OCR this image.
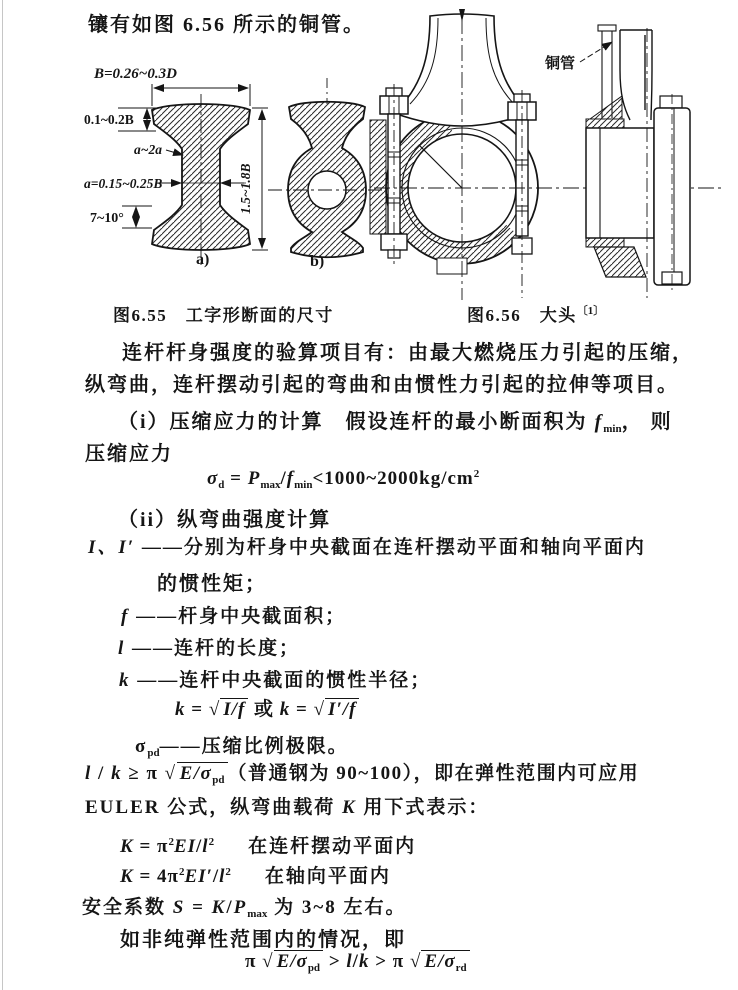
镶有如图 6.56 所示的铜管。
B=0.26~0.3D
0.1~0.2B
a~2a
a=0.15~0.25B
7~10°
1.5~1.8B
a)	b)
铜管
图6.55　工字形断面的尺寸	图6.56　大头$^{〔1〕}$
连杆杆身强度的验算项目有：由最大燃烧压力引起的压缩，
纵弯曲，连杆摆动引起的弯曲和由惯性力引起的拉伸等项目。
（i）压缩应力的计算　假设连杆的最小断面积为 $f_{min}$， 则
压缩应力
$\sigma_d$ = $P_{max}/f_{min}<1000\sim 2000kg/cm^2$
（ii）纵弯曲强度计算
I、I′ ——分别为杆身中央截面在连杆摆动平面和轴向平面内
的惯性矩；
f ——杆身中央截面积；
l ——连杆的长度；
k ——连杆中央截面的惯性半径；
k = √ I/f 或 k = √ I′/f
$\sigma_{pd}——$压缩比例极限。
l / k ≥ π √ $E/\sigma_{pd}$ （普通钢为 90~100），即在弹性范围内可应用
EULER 公式，纵弯曲载荷 K 用下式表示：
$K = \pi^2EI/l^2$ 在连杆摆动平面内
$K = 4\pi^2EI'/l^2$ 在轴向平面内
安全系数 $S = K/P_{max}$ 为 3~8 左右。
如非纯弹性范围内的情况，即
π √ $E/\sigma_{pd} > l/k > \pi$ √ $E/\sigma_{rd}$
